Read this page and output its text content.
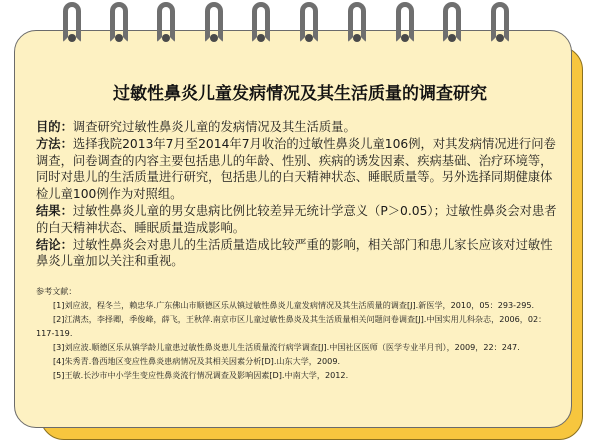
过敏性鼻炎儿童发病情况及其生活质量的调查研究
目的：调查研究过敏性鼻炎儿童的发病情况及其生活质量。
方法：选择我院2013年7月至2014年7月收治的过敏性鼻炎儿童106例，对其发病情况进行问卷调查，问卷调查的内容主要包括患儿的年龄、性别、疾病的诱发因素、疾病基础、治疗环境等，同时对患儿的生活质量进行研究，包括患儿的白天精神状态、睡眠质量等。另外选择同期健康体检儿童100例作为对照组。
结果：过敏性鼻炎儿童的男女患病比例比较差异无统计学意义（P＞0.05）；过敏性鼻炎会对患者的白天精神状态、睡眠质量造成影响。
结论：过敏性鼻炎会对患儿的生活质量造成比较严重的影响，相关部门和患儿家长应该对过敏性鼻炎儿童加以关注和重视。
参考文献：
[1]刘应波，程冬兰，赖忠华.广东佛山市顺德区乐从镇过敏性鼻炎儿童发病情况及其生活质量的调查[J].新医学，2010，05：293-295.
[2]江满杰，李择卿，季俊峰，薛飞，王秋萍.南京市区儿童过敏性鼻炎及其生活质量相关问题问卷调查[J].中国实用儿科杂志，2006，02：117-119.
[3]刘应波.顺德区乐从镇学龄儿童患过敏性鼻炎患儿生活质量流行病学调查[J].中国社区医师（医学专业半月刊），2009，22：247.
[4]朱秀青.鲁西地区变应性鼻炎患病情况及其相关因素分析[D].山东大学，2009.
[5]王敏.长沙市中小学生变应性鼻炎流行情况调查及影响因素[D].中南大学，2012.
